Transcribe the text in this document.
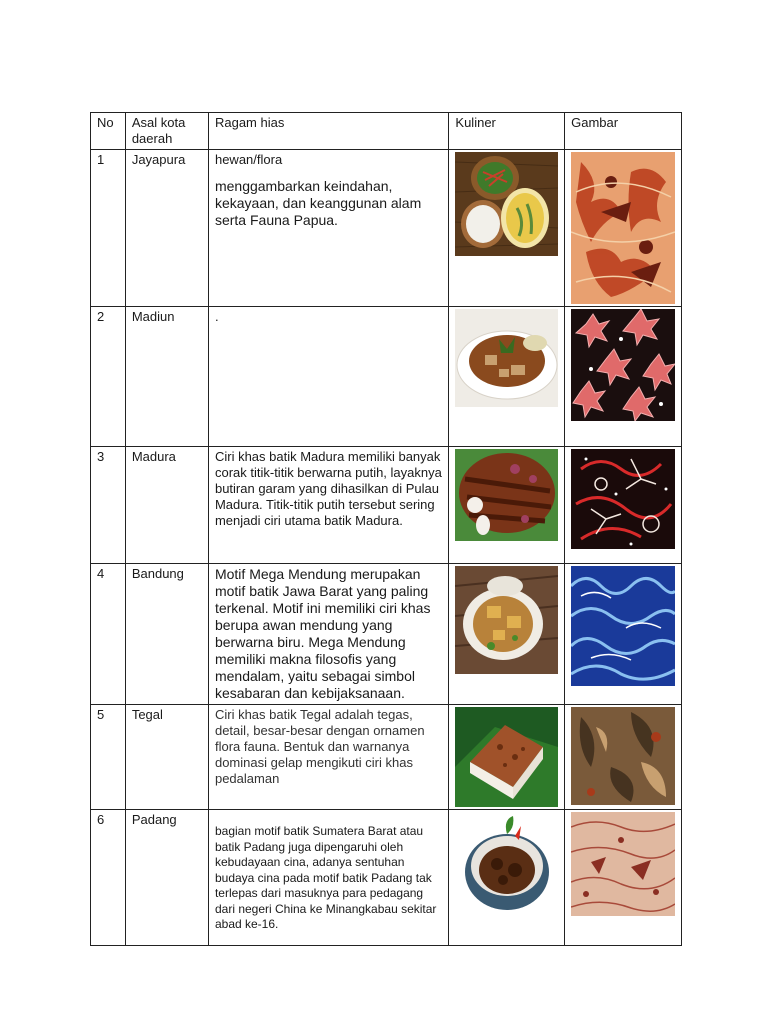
No	Asal kota daerah	Ragam hias	Kuliner	Gambar
1	Jayapura	hewan/flora
menggambarkan keindahan, kekayaan, dan keanggunan alam serta Fauna Papua.

2	Madiun	.

3	Madura	Ciri khas batik Madura memiliki banyak corak titik-titik berwarna putih, layaknya butiran garam yang dihasilkan di Pulau Madura. Titik-titik putih tersebut sering menjadi ciri utama batik Madura.

4	Bandung	Motif Mega Mendung merupakan motif batik Jawa Barat yang paling terkenal. Motif ini memiliki ciri khas berupa awan mendung yang berwarna biru. Mega Mendung memiliki makna filosofis yang mendalam, yaitu sebagai simbol kesabaran dan kebijaksanaan.

5	Tegal	Ciri khas batik Tegal adalah tegas, detail, besar-besar dengan ornamen flora fauna. Bentuk dan warnanya dominasi gelap mengikuti ciri khas pedalaman

6	Padang	bagian motif batik Sumatera Barat atau batik Padang juga dipengaruhi oleh kebudayaan cina, adanya sentuhan budaya cina pada motif batik Padang tak terlepas dari masuknya para pedagang dari negeri China ke Minangkabau sekitar abad ke-16.
